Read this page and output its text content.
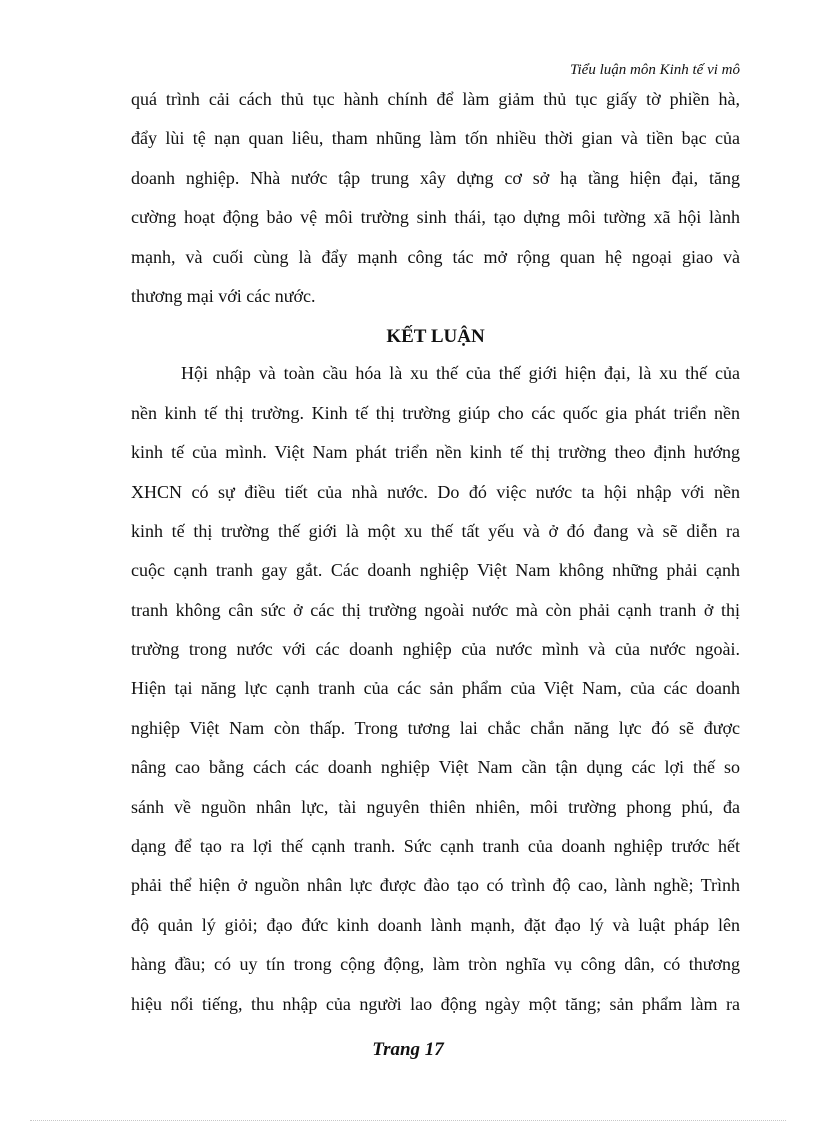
Tiểu luận môn Kinh tế vi mô
quá trình cải cách thủ tục hành chính để làm giảm thủ tục giấy tờ phiền hà,
đẩy lùi tệ nạn quan liêu, tham nhũng làm tốn nhiều thời gian và tiền bạc của
doanh nghiệp. Nhà nước tập trung xây dựng cơ sở hạ tầng hiện đại, tăng
cường hoạt động bảo vệ môi trường sinh thái, tạo dựng môi tường xã hội lành
mạnh, và cuối cùng là đẩy mạnh công tác mở rộng quan hệ ngoại giao và
thương mại với các nước.
KẾT LUẬN
Hội nhập và toàn cầu hóa là xu thế của thế giới hiện đại, là xu thế của
nền kinh tế thị trường. Kinh tế thị trường giúp cho các quốc gia phát triển nền
kinh tế của mình. Việt Nam phát triển nền kinh tế thị trường theo định hướng
XHCN có sự điều tiết của nhà nước. Do đó việc nước ta hội nhập với nền
kinh tế thị trường thế giới là một xu thế tất yếu và ở đó đang và sẽ diễn ra
cuộc cạnh tranh gay gắt. Các doanh nghiệp Việt Nam không những phải cạnh
tranh không cân sức ở các thị trường ngoài nước mà còn phải cạnh tranh ở thị
trường trong nước với các doanh nghiệp của nước mình và của nước ngoài.
Hiện tại năng lực cạnh tranh của các sản phẩm của Việt Nam, của các doanh
nghiệp Việt Nam còn thấp. Trong tương lai chắc chắn năng lực đó sẽ được
nâng cao bằng cách các doanh nghiệp Việt Nam cần tận dụng các lợi thế so
sánh về nguồn nhân lực, tài nguyên thiên nhiên, môi trường phong phú, đa
dạng để tạo ra lợi thế cạnh tranh. Sức cạnh tranh của doanh nghiệp trước hết
phải thể hiện ở nguồn nhân lực được đào tạo có trình độ cao, lành nghề; Trình
độ quản lý giỏi; đạo đức kinh doanh lành mạnh, đặt đạo lý và luật pháp lên
hàng đầu; có uy tín trong cộng động, làm tròn nghĩa vụ công dân, có thương
hiệu nổi tiếng, thu nhập của người lao động ngày một tăng; sản phẩm làm ra
Trang 17
